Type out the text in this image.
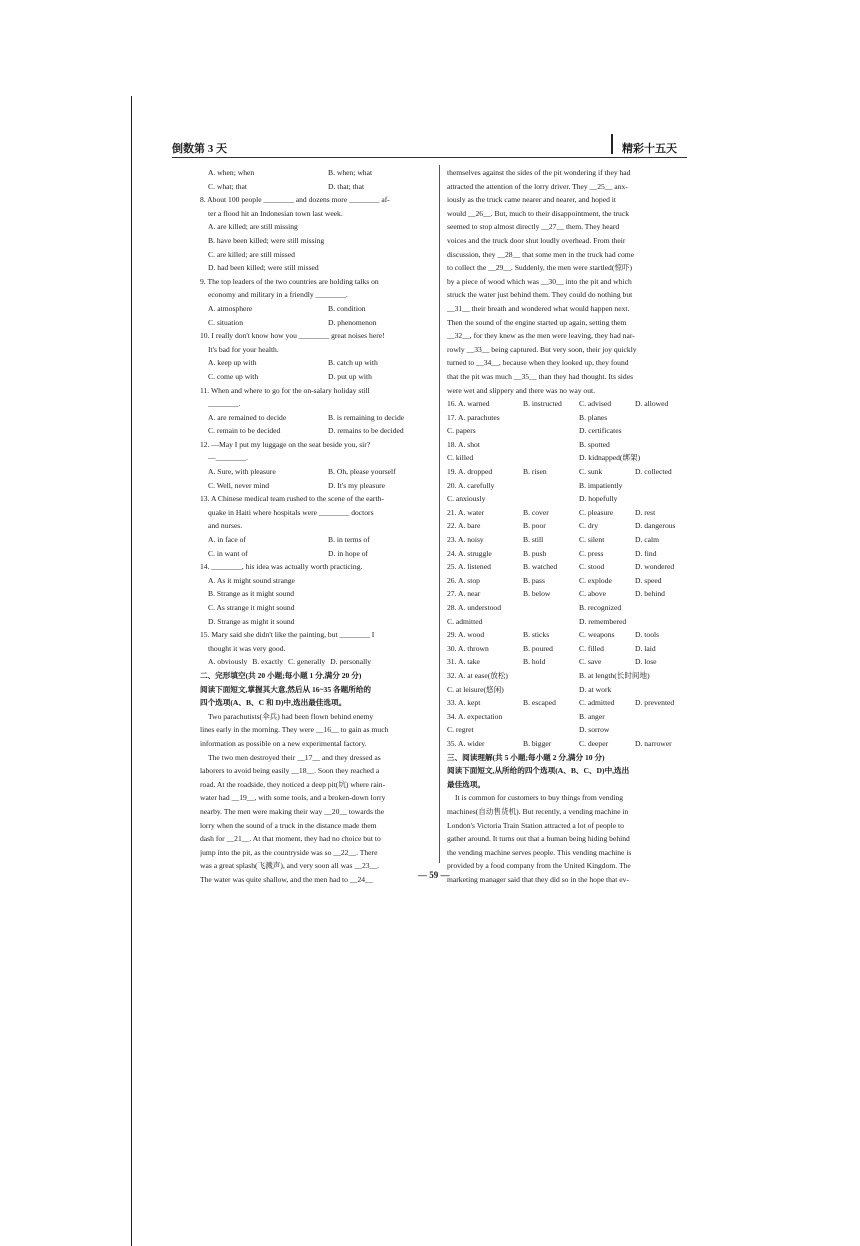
倒数第 3 天	精彩十五天
A. when; when	B. when; what
C. what; that	D. that; that
8. About 100 people ________ and dozens more ________ af-
ter a flood hit an Indonesian town last week.
A. are killed; are still missing
B. have been killed; were still missing
C. are killed; are still missed
D. had been killed; were still missed
9. The top leaders of the two countries are holding talks on
economy and military in a friendly ________.
A. atmosphere	B. condition
C. situation	D. phenomenon
10. I really don't know how you ________ great noises here!
It's bad for your health.
A. keep up with	B. catch up with
C. come up with	D. put up with
11. When and where to go for the on-salary holiday still
________.
A. are remained to decide	B. is remaining to decide
C. remain to be decided	D. remains to be decided
12. —May I put my luggage on the seat beside you, sir?
—________.
A. Sure, with pleasure	B. Oh, please yourself
C. Well, never mind	D. It's my pleasure
13. A Chinese medical team rushed to the scene of the earth-
quake in Haiti where hospitals were ________ doctors
and nurses.
A. in face of	B. in terms of
C. in want of	D. in hope of
14. ________, his idea was actually worth practicing.
A. As it might sound strange
B. Strange as it might sound
C. As strange it might sound
D. Strange as might it sound
15. Mary said she didn't like the painting, but ________ I
thought it was very good.
A. obviously B. exactly C. generally D. personally
二、完形填空(共 20 小题;每小题 1 分,满分 20 分)
阅读下面短文,掌握其大意,然后从 16~35 各题所给的
四个选项(A、B、C 和 D)中,选出最佳选项。
Two parachutists(伞兵) had been flown behind enemy
lines early in the morning. They were __16__ to gain as much
information as possible on a new experimental factory.
The two men destroyed their __17__ and they dressed as
laborers to avoid being easily __18__. Soon they reached a
road. At the roadside, they noticed a deep pit(坑) where rain-
water had __19__, with some tools, and a broken-down lorry
nearby. The men were making their way __20__ towards the
lorry when the sound of a truck in the distance made them
dash for __21__. At that moment, they had no choice but to
jump into the pit, as the countryside was so __22__. There
was a great splash(飞溅声), and very soon all was __23__.
The water was quite shallow, and the men had to __24__
themselves against the sides of the pit wondering if they had
attracted the attention of the lorry driver. They __25__ anx-
iously as the truck came nearer and nearer, and hoped it
would __26__. But, much to their disappointment, the truck
seemed to stop almost directly __27__ them. They heard
voices and the truck door shut loudly overhead. From their
discussion, they __28__ that some men in the truck had come
to collect the __29__. Suddenly, the men were startled(惊吓)
by a piece of wood which was __30__ into the pit and which
struck the water just behind them. They could do nothing but
__31__ their breath and wondered what would happen next.
Then the sound of the engine started up again, setting them
__32__, for they knew as the men were leaving, they had nar-
rowly __33__ being captured. But very soon, their joy quickly
turned to __34__, because when they looked up, they found
that the pit was much __35__ than they had thought. Its sides
were wet and slippery and there was no way out.
16. A. warned	B. instructed	C. advised	D. allowed
17. A. parachutes	B. planes
C. papers	D. certificates
18. A. shot	B. spotted
C. killed	D. kidnapped(绑架)
19. A. dropped	B. risen	C. sunk	D. collected
20. A. carefully	B. impatiently
C. anxiously	D. hopefully
21. A. water	B. cover	C. pleasure	D. rest
22. A. bare	B. poor	C. dry	D. dangerous
23. A. noisy	B. still	C. silent	D. calm
24. A. struggle	B. push	C. press	D. find
25. A. listened	B. watched	C. stood	D. wondered
26. A. stop	B. pass	C. explode	D. speed
27. A. near	B. below	C. above	D. behind
28. A. understood	B. recognized
C. admitted	D. remembered
29. A. wood	B. sticks	C. weapons	D. tools
30. A. thrown	B. poured	C. filled	D. laid
31. A. take	B. hold	C. save	D. lose
32. A. at ease(放松)	B. at length(长时间地)
C. at leisure(悠闲)	D. at work
33. A. kept	B. escaped	C. admitted	D. prevented
34. A. expectation	B. anger
C. regret	D. sorrow
35. A. wider	B. bigger	C. deeper	D. narrower
三、阅读理解(共 5 小题;每小题 2 分,满分 10 分)
阅读下面短文,从所给的四个选项(A、B、C、D)中,选出
最佳选项。
It is common for customers to buy things from vending
machines(自动售货机). But recently, a vending machine in
London's Victoria Train Station attracted a lot of people to
gather around. It turns out that a human being hiding behind
the vending machine serves people. This vending machine is
provided by a food company from the United Kingdom. The
marketing manager said that they did so in the hope that ev-
— 59 —
